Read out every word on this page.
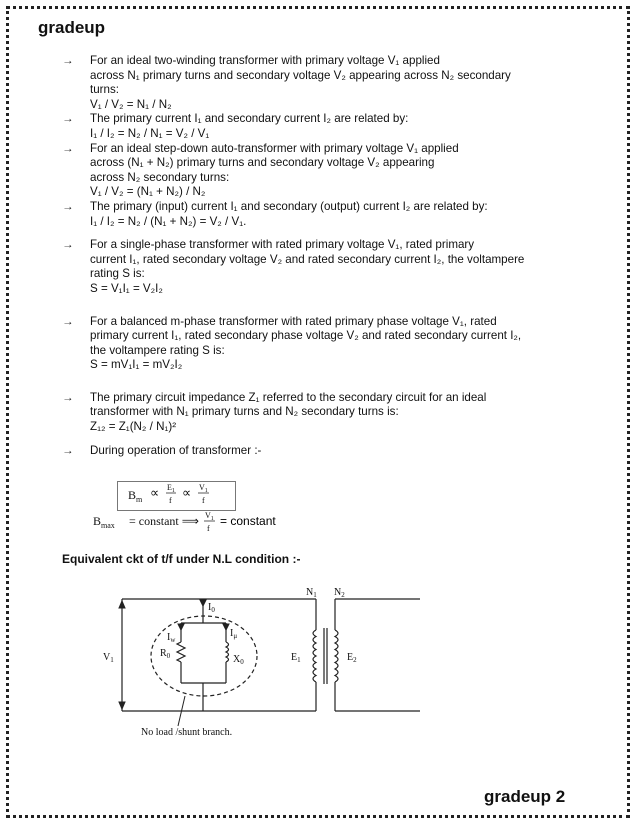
gradeup
→ For an ideal two-winding transformer with primary voltage V₁ applied
across N₁ primary turns and secondary voltage V₂ appearing across N₂ secondary
turns:
V₁ / V₂ = N₁ / N₂
→ The primary current I₁ and secondary current I₂ are related by:
I₁ / I₂ = N₂ / N₁ = V₂ / V₁
→ For an ideal step-down auto-transformer with primary voltage V₁ applied
across (N₁ + N₂) primary turns and secondary voltage V₂ appearing
across N₂ secondary turns:
V₁ / V₂ = (N₁ + N₂) / N₂
→ The primary (input) current I₁ and secondary (output) current I₂ are related by:
I₁ / I₂ = N₂ / (N₁ + N₂) = V₂ / V₁.
→ For a single-phase transformer with rated primary voltage V₁, rated primary
current I₁, rated secondary voltage V₂ and rated secondary current I₂, the voltampere
rating S is:
S = V₁I₁ = V₂I₂
→ For a balanced m-phase transformer with rated primary phase voltage V₁, rated
primary current I₁, rated secondary phase voltage V₂ and rated secondary current I₂,
the voltampere rating S is:
S = mV₁I₁ = mV₂I₂
→ The primary circuit impedance Z₁ referred to the secondary circuit for an ideal
transformer with N₁ primary turns and N₂ secondary turns is:
Z₁₂ = Z₁(N₂ / N₁)²
→ During operation of transformer :-
Equivalent ckt of t/f under N.L condition :-
$B_m \propto E_1$
f
∝ $V_1$
f
$B_{max}$ = constant ⟹ $V_1$
f
= constant
$N_1$ $N_2$
$I_0$
$I_w$
$I_\mu$
$R_0$	$X_0$
$V_1$	$E_1$	$E_2$
No load /shunt branch.
gradeup 2
